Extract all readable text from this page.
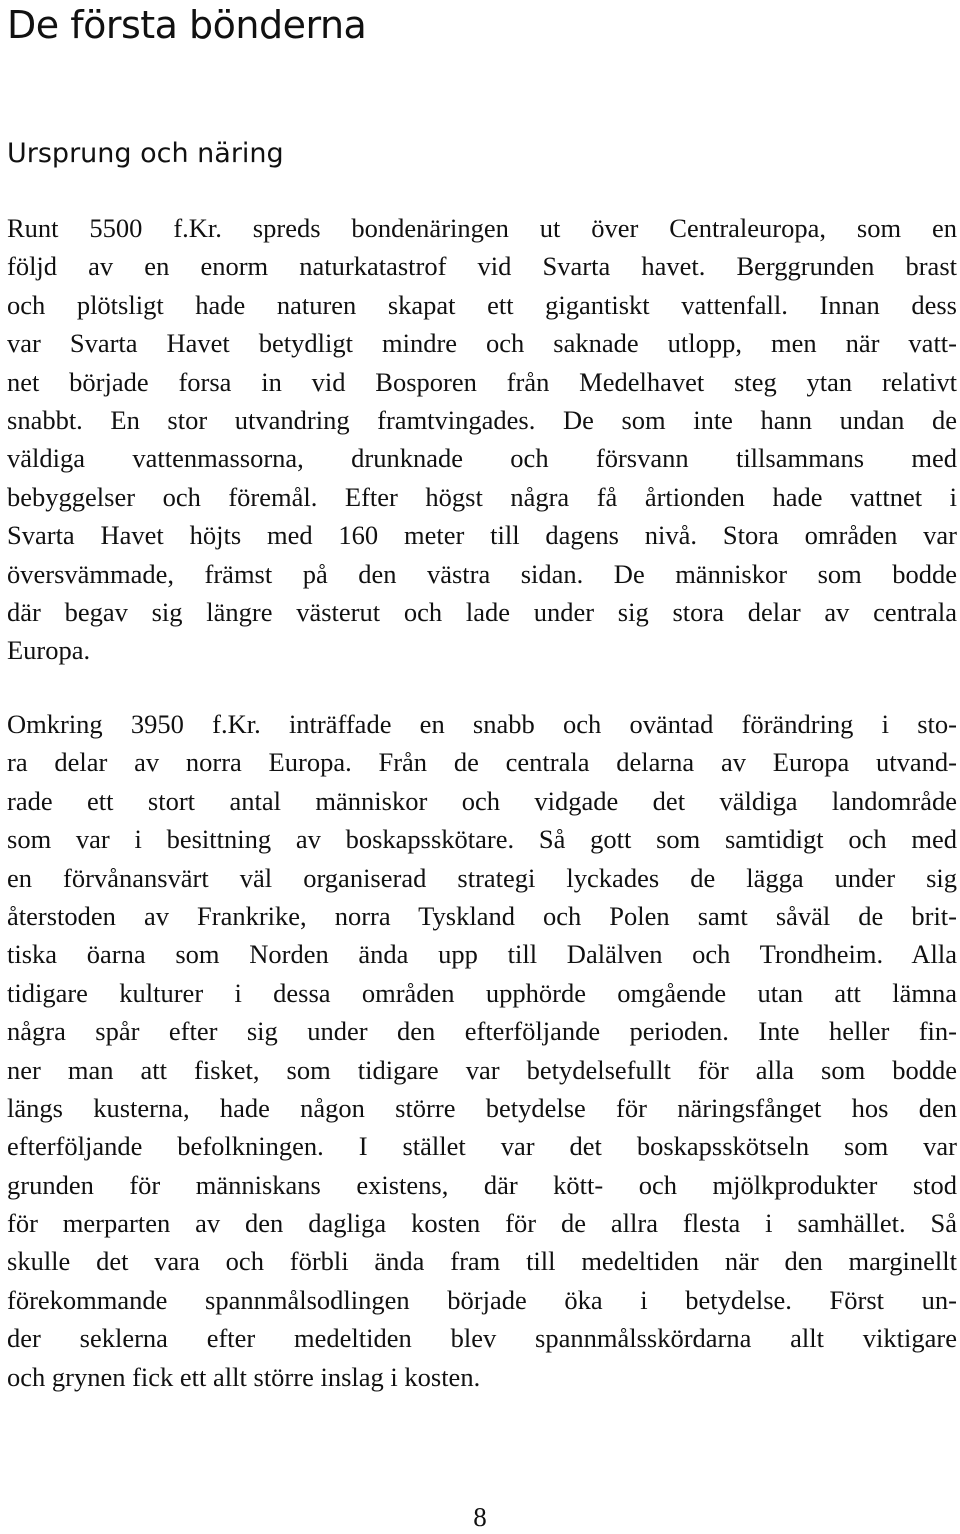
De första bönderna
Ursprung och näring

Runt 5500 f.Kr. spreds bondenäringen ut över Centraleuropa, som en
följd av en enorm naturkatastrof vid Svarta havet. Berggrunden brast
och plötsligt hade naturen skapat ett gigantiskt vattenfall. Innan dess
var Svarta Havet betydligt mindre och saknade utlopp, men när vatt-
net började forsa in vid Bosporen från Medelhavet steg ytan relativt
snabbt. En stor utvandring framtvingades. De som inte hann undan de
väldiga vattenmassorna, drunknade och försvann tillsammans med
bebyggelser och föremål. Efter högst några få årtionden hade vattnet i
Svarta Havet höjts med 160 meter till dagens nivå. Stora områden var
översvämmade, främst på den västra sidan. De människor som bodde
där begav sig längre västerut och lade under sig stora delar av centrala
Europa.

Omkring 3950 f.Kr. inträffade en snabb och oväntad förändring i sto-
ra delar av norra Europa. Från de centrala delarna av Europa utvand-
rade ett stort antal människor och vidgade det väldiga landområde
som var i besittning av boskapsskötare. Så gott som samtidigt och med
en förvånansvärt väl organiserad strategi lyckades de lägga under sig
återstoden av Frankrike, norra Tyskland och Polen samt såväl de brit-
tiska öarna som Norden ända upp till Dalälven och Trondheim. Alla
tidigare kulturer i dessa områden upphörde omgående utan att lämna
några spår efter sig under den efterföljande perioden. Inte heller fin-
ner man att fisket, som tidigare var betydelsefullt för alla som bodde
längs kusterna, hade någon större betydelse för näringsfånget hos den
efterföljande befolkningen. I stället var det boskapsskötseln som var
grunden för människans existens, där kött- och mjölkprodukter stod
för merparten av den dagliga kosten för de allra flesta i samhället. Så
skulle det vara och förbli ända fram till medeltiden när den marginellt
förekommande spannmålsodlingen började öka i betydelse. Först un-
der seklerna efter medeltiden blev spannmålsskördarna allt viktigare
och grynen fick ett allt större inslag i kosten.

8
